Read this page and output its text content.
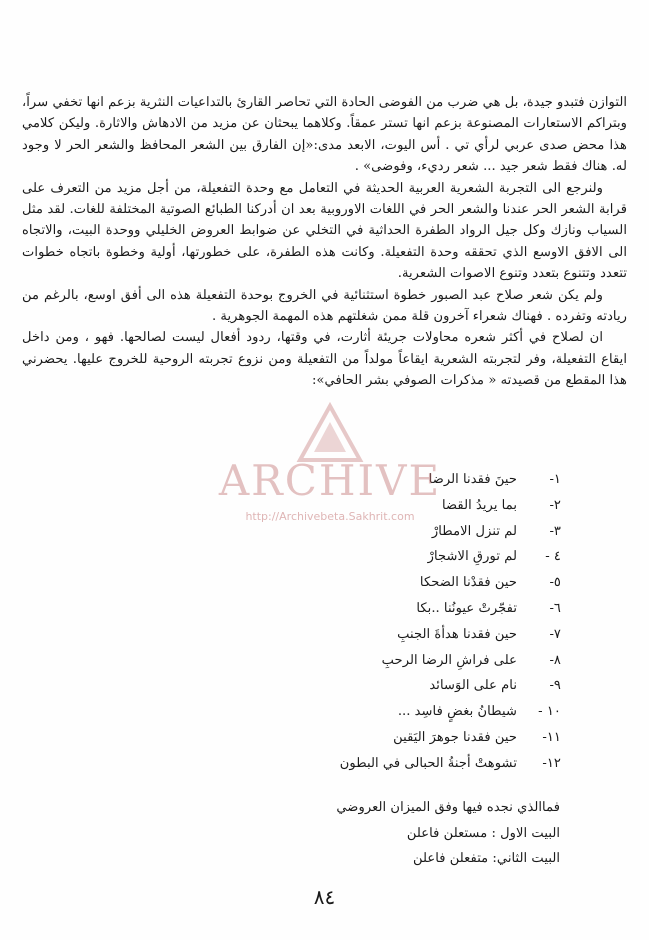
التوازن فتبدو جيدة، بل هي ضرب من الفوضى الحادة التي تحاصر القارئ بالتداعيات النثرية بزعم انها تخفي سراً، وبتراكم الاستعارات المصنوعة بزعم انها تستر عمقاً. وكلاهما يبحثان عن مزيد من الادهاش والاثارة. وليكن كلامي هذا محض صدى عربي لرأي تي . أس اليوت، الابعد مدى:«إن الفارق بين الشعر المحافظ والشعر الحر لا وجود له. هناك فقط شعر جيد ... شعر رديء، وفوضى» .

ولنرجع الى التجربة الشعرية العربية الحديثة في التعامل مع وحدة التفعيلة، من أجل مزيد من التعرف على قرابة الشعر الحر عندنا والشعر الحر في اللغات الاوروبية بعد ان أدركنا الطبائع الصوتية المختلفة للغات. لقد مثل السياب ونازك وكل جيل الرواد الطفرة الحداثية في التخلي عن ضوابط العروض الخليلي ووحدة البيت، والاتجاه الى الافق الاوسع الذي تحققه وحدة التفعيلة. وكانت هذه الطفرة، على خطورتها، أولية وخطوة باتجاه خطوات تتعدد وتتنوع بتعدد وتنوع الاصوات الشعرية.

ولم يكن شعر صلاح عبد الصبور خطوة استثنائية في الخروج بوحدة التفعيلة هذه الى أفق اوسع، بالرغم من ريادته وتفرده . فهناك شعراء آخرون قلة ممن شغلتهم هذه المهمة الجوهرية .

ان لصلاح في أكثر شعره محاولات جريئة أثارت، في وقتها، ردود أفعال ليست لصالحها. فهو ، ومن داخل ايقاع التفعيلة، وفر لتجربته الشعرية ايقاعاً مولداً من التفعيلة ومن نزوع تجربته الروحية للخروج عليها. يحضرني هذا المقطع من قصيدته « مذكرات الصوفي بشر الحافي»:

١-
حينَ فقدنا الرضا
٢-
بما يريدُ القضا
٣-
لم تنزل الامطارْ
٤ -
لم تورقِ الاشجارْ
٥-
حين فقدْنا الضحكا
٦-
تفجّرتْ عيونُنا ..بكا
٧-
حين فقدنا هدأةَ الجنبِ
٨-
على فراشِ الرضا الرحبِ
٩-
نام على الوَسائد
١٠ -
شيطانُ بغضٍ فاسِد ...
١١-
حين فقدنا جوهرَ اليَقين
١٢-
تشوهتْ أجنةُ الحبالى في البطون
فماالذي نجده فيها وفق الميزان العروضي
البيت الاول : مستعلن فاعلن
البيت الثاني: متفعلن فاعلن
٨٤
ARCHIVE
http://Archivebeta.Sakhrit.com
